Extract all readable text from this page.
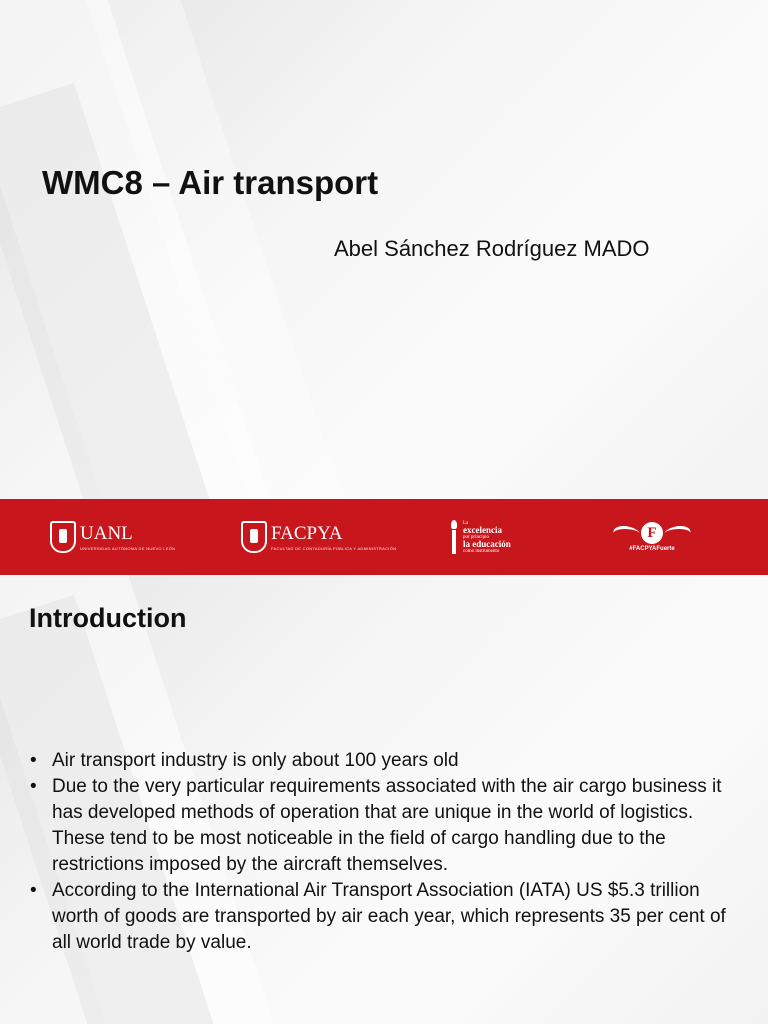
WMC8 – Air transport
Abel Sánchez Rodríguez MADO
UANL
UNIVERSIDAD AUTÓNOMA DE NUEVO LEÓN
FACPYA
FACULTAD DE CONTADURÍA PÚBLICA Y ADMINISTRACIÓN
La
excelencia
por principio
la educación
como instrumento
F
#FACPYAFuerte
Introduction
• Air transport industry is only about 100 years old
• Due to the very particular requirements associated with the air cargo business it has developed methods of operation that are unique in the world of logistics. These tend to be most noticeable in the field of cargo handling due to the restrictions imposed by the aircraft themselves.
• According to the International Air Transport Association (IATA) US $5.3 trillion worth of goods are transported by air each year, which represents 35 per cent of all world trade by value.
